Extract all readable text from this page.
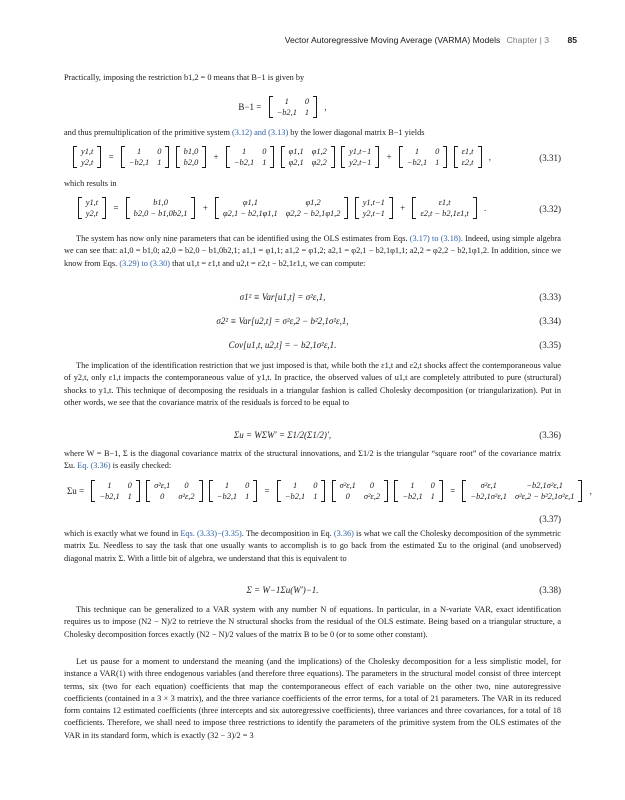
Vector Autoregressive Moving Average (VARMA) Models Chapter | 3 85

Practically, imposing the restriction b1,2 = 0 means that B−1 is given by

B−1 =
1	0
−b2,1	1
,

and thus premultiplication of the primitive system (3.12) and (3.13) by the lower diagonal matrix B−1 yields

y1,t
y2,t
=
1	0
−b2,1	1

b1,0
b2,0
+
1	0
−b2,1	1

φ1,1	φ1,2
φ2,1	φ2,2

y1,t−1
y2,t−1
+
1	0
−b2,1	1

ε1,t
ε2,t
,	(3.31)

which results in

y1,t
y2,t
=
b1,0
b2,0 − b1,0b2,1
+
φ1,1	φ1,2
φ2,1 − b2,1φ1,1	φ2,2 − b2,1φ1,2

y1,t−1
y2,t−1
+
ε1,t
ε2,t − b2,1ε1,t
.	(3.32)

The system has now only nine parameters that can be identified using the OLS estimates from Eqs. (3.17) to (3.18). Indeed, using simple algebra we can see that: a1,0 = b1,0; a2,0 = b2,0 − b1,0b2,1; a1,1 = φ1,1; a1,2 = φ1,2; a2,1 = φ2,1 − b2,1φ1,1; a2,2 = φ2,2 − b2,1φ1,2. In addition, since we know from Eqs. (3.29) to (3.30) that u1,t = ε1,t and u2,t = ε2,t − b2,1ε1,t, we can compute:

σ1² ≡ Var[u1,t] = σ²ε,1,	(3.33)
σ2² ≡ Var[u2,t] = σ²ε,2 − b²2,1σ²ε,1,	(3.34)
Cov[u1,t, u2,t] = − b2,1σ²ε,1.	(3.35)

The implication of the identification restriction that we just imposed is that, while both the ε1,t and ε2,t shocks affect the contemporaneous value of y2,t, only ε1,t impacts the contemporaneous value of y1,t. In practice, the observed values of u1,t are completely attributed to pure (structural) shocks to y1,t. This technique of decomposing the residuals in a triangular fashion is called Cholesky decomposition (or triangularization). Put in other words, we see that the covariance matrix of the residuals is forced to be equal to

Σu = WΣW′ = Σ1/2(Σ1/2)′,	(3.36)

where W = B−1, Σ is the diagonal covariance matrix of the structural innovations, and Σ1/2 is the triangular “square root” of the covariance matrix Σu. Eq. (3.36) is easily checked:

Σu =
1	0
−b2,1	1

σ²ε,1	0
0	σ²ε,2

1	0
−b2,1	1
=
1	0
−b2,1	1

σ²ε,1	0
0	σ²ε,2

1	0
−b2,1	1
=
σ²ε,1	−b2,1σ²ε,1
−b2,1σ²ε,1	σ²ε,2 − b²2,1σ²ε,1
,
(3.37)

which is exactly what we found in Eqs. (3.33)−(3.35). The decomposition in Eq. (3.36) is what we call the Cholesky decomposition of the symmetric matrix Σu. Needless to say the task that one usually wants to accomplish is to go back from the estimated Σu to the original (and unobserved) diagonal matrix Σ. With a little bit of algebra, we understand that this is equivalent to

Σ = W−1Σu(W′)−1.	(3.38)

This technique can be generalized to a VAR system with any number N of equations. In particular, in a N-variate VAR, exact identification requires us to impose (N2 − N)/2 to retrieve the N structural shocks from the residual of the OLS estimate. Being based on a triangular structure, a Cholesky decomposition forces exactly (N2 − N)/2 values of the matrix B to be 0 (or to some other constant).

Let us pause for a moment to understand the meaning (and the implications) of the Cholesky decomposition for a less simplistic model, for instance a VAR(1) with three endogenous variables (and therefore three equations). The parameters in the structural model consist of three intercept terms, six (two for each equation) coefficients that map the contemporaneous effect of each variable on the other two, nine autoregressive coefficients (contained in a 3 × 3 matrix), and the three variance coefficients of the error terms, for a total of 21 parameters. The VAR in its reduced form contains 12 estimated coefficients (three intercepts and six autoregressive coefficients), three variances and three covariances, for a total of 18 coefficients. Therefore, we shall need to impose three restrictions to identify the parameters of the primitive system from the OLS estimates of the VAR in its standard form, which is exactly (32 − 3)/2 = 3
